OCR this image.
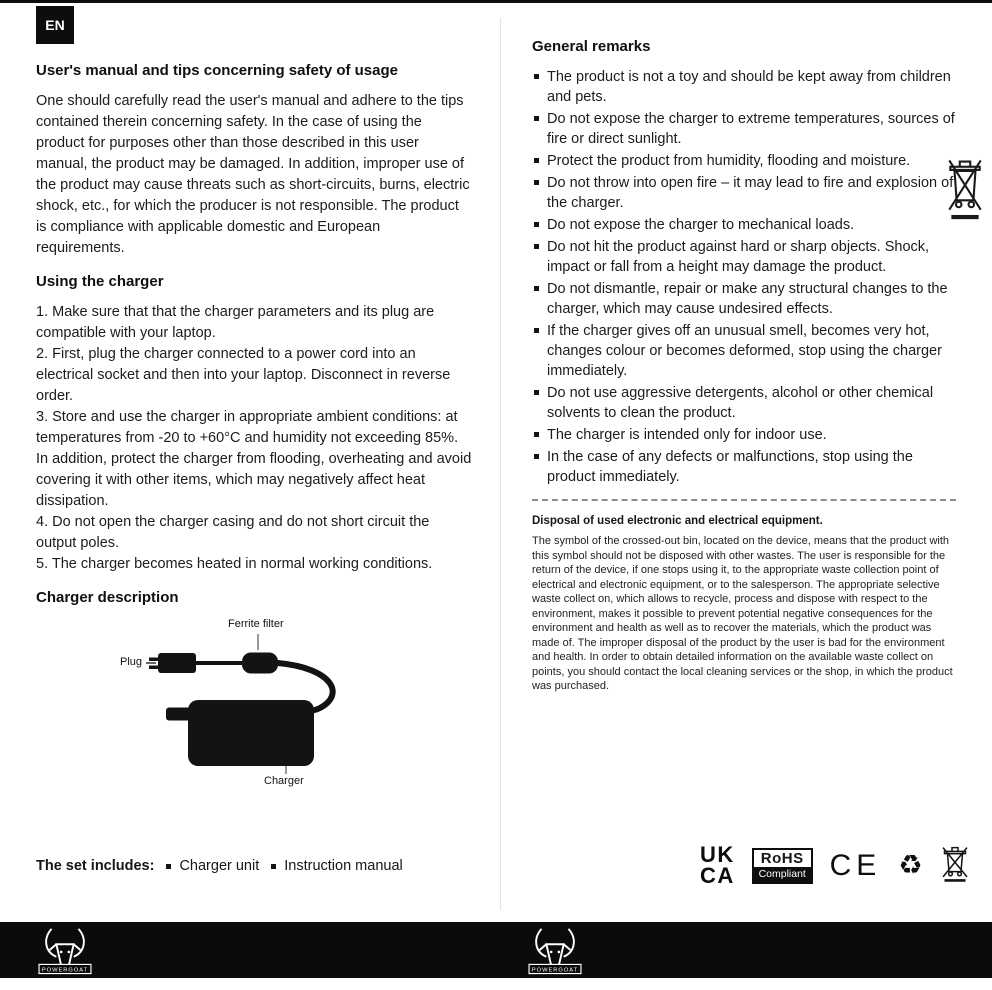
EN
User's manual and tips concerning safety of usage

One should carefully read the user's manual and adhere to the tips contained therein concerning safety. In the case of using the product for purposes other than those described in this user manual, the product may be damaged. In addition, improper use of the product may cause threats such as short-circuits, burns, electric shock, etc., for which the producer is not responsible. The product is compliance with applicable domestic and European requirements.

Using the charger

1. Make sure that that the charger parameters and its plug are compatible with your laptop.

2. First, plug the charger connected to a power cord into an electrical socket and then into your laptop. Disconnect in reverse order.

3. Store and use the charger in appropriate ambient conditions: at temperatures from -20 to +60°C and humidity not exceeding 85%. In addition, protect the charger from flooding, overheating and avoid covering it with other items, which may negatively affect heat dissipation.

4. Do not open the charger casing and do not short circuit the output poles.

5. The charger becomes heated in normal working conditions.

Charger description
Ferrite filter
Plug
Charger
General remarks
The product is not a toy and should be kept away from children and pets.
Do not expose the charger to extreme temperatures, sources of fire or direct sunlight.
Protect the product from humidity, flooding and moisture.
Do not throw into open fire – it may lead to fire and explosion of the charger.
Do not expose the charger to mechanical loads.
Do not hit the product against hard or sharp objects. Shock, impact or fall from a height may damage the product.
Do not dismantle, repair or make any structural changes to the charger, which may cause undesired effects.
If the charger gives off an unusual smell, becomes very hot, changes colour or becomes deformed, stop using the charger immediately.
Do not use aggressive detergents, alcohol or other chemical solvents to clean the product.
The charger is intended only for indoor use.
In the case of any defects or malfunctions, stop using the product immediately.
Disposal of used electronic and electrical equipment.

The symbol of the crossed-out bin, located on the device, means that the product with this symbol should not be disposed with other wastes. The user is responsible for the return of the device, if one stops using it, to the appropriate waste collection point of electrical and electronic equipment, or to the salesperson. The appropriate selective waste collect on, which allows to recycle, process and dispose with respect to the environment, makes it possible to prevent potential negative consequences for the environment and health as well as to recover the materials, which the product was made of. The improper disposal of the product by the user is bad for the environment and health. In order to obtain detailed information on the available waste collect on points, you should contact the local cleaning services or the shop, in which the product was purchased.

The set includes:	Charger unit	Instruction manual	UK
CA
RoHS
Compliant CE ♻
POWERGOAT	POWERGOAT
